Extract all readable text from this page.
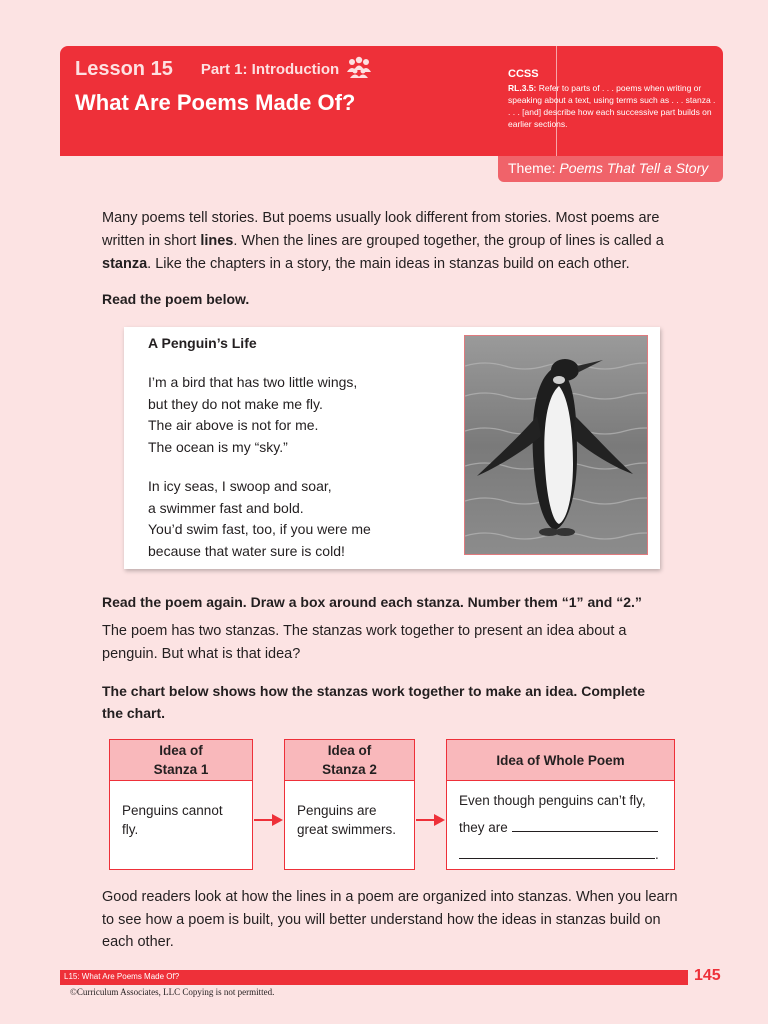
Lesson 15 Part 1: Introduction
What Are Poems Made Of?
CCSS
RL.3.5: Refer to parts of . . . poems when writing or speaking about a text, using terms such as . . . stanza . . . . [and] describe how each successive part builds on earlier sections.
Theme: Poems That Tell a Story
Many poems tell stories. But poems usually look different from stories. Most poems are written in short lines. When the lines are grouped together, the group of lines is called a stanza. Like the chapters in a story, the main ideas in stanzas build on each other.
Read the poem below.
A Penguin’s Life
I’m a bird that has two little wings,
but they do not make me fly.
The air above is not for me.
The ocean is my “sky.”
In icy seas, I swoop and soar,
a swimmer fast and bold.
You’d swim fast, too, if you were me
because that water sure is cold!
Read the poem again. Draw a box around each stanza. Number them “1” and “2.”
The poem has two stanzas. The stanzas work together to present an idea about a penguin. But what is that idea?
The chart below shows how the stanzas work together to make an idea. Complete the chart.
Idea of
Stanza 1
Penguins cannot fly.
Idea of
Stanza 2
Penguins are great swimmers.
Idea of Whole Poem
Even though penguins can’t fly,
they are
.
Good readers look at how the lines in a poem are organized into stanzas. When you learn to see how a poem is built, you will better understand how the ideas in stanzas build on each other.
L15: What Are Poems Made Of?	145
©Curriculum Associates, LLC Copying is not permitted.
